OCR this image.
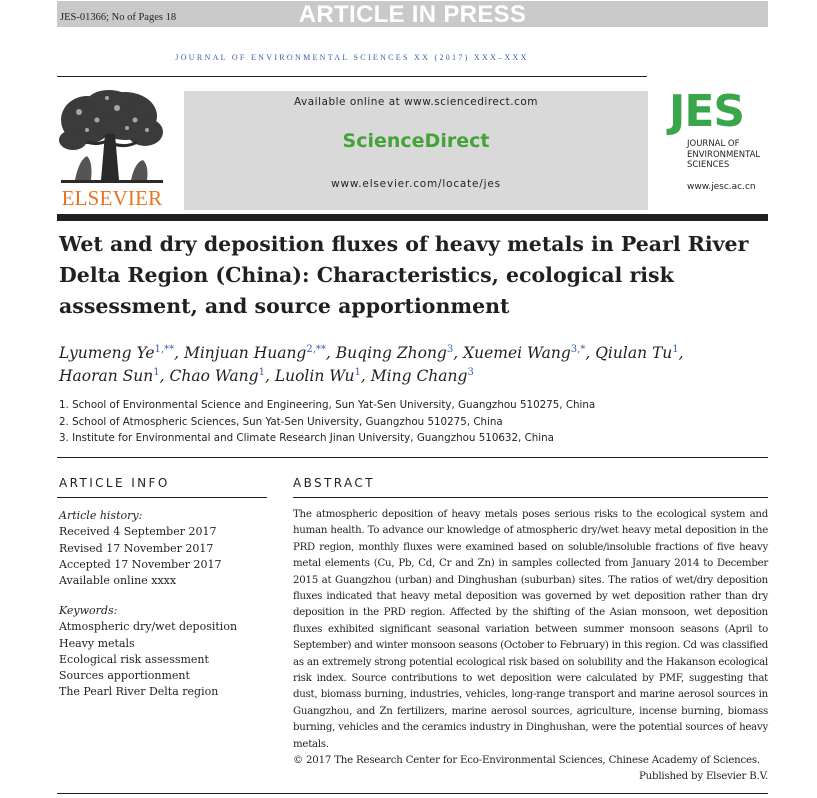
JES-01366; No of Pages 18	ARTICLE IN PRESS
JOURNAL OF ENVIRONMENTAL SCIENCES XX (2017) XXX–XXX
ELSEVIER
Available online at www.sciencedirect.com
ScienceDirect
www.elsevier.com/locate/jes
JES
JOURNAL OF
ENVIRONMENTAL
SCIENCES
www.jesc.ac.cn
Wet and dry deposition fluxes of heavy metals in Pearl River Delta Region (China): Characteristics, ecological risk assessment, and source apportionment
Lyumeng $Ye^{1,**}$, Minjuan Huang$^{2,**}$, Buqing Zhong$^3$, Xuemei Wang$^{3,*}$, Qiulan Tu$^1$,
Haoran Sun$^1$, Chao Wang$^1$, Luolin Wu$^1$, Ming Chang$^3$
1. School of Environmental Science and Engineering, Sun Yat-Sen University, Guangzhou 510275, China
2. School of Atmospheric Sciences, Sun Yat-Sen University, Guangzhou 510275, China
3. Institute for Environmental and Climate Research Jinan University, Guangzhou 510632, China
ARTICLE INFO
Article history:
Received 4 September 2017
Revised 17 November 2017
Accepted 17 November 2017
Available online xxxx
Keywords:
Atmospheric dry/wet deposition
Heavy metals
Ecological risk assessment
Sources apportionment
The Pearl River Delta region
ABSTRACT

The atmospheric deposition of heavy metals poses serious risks to the ecological system and human health. To advance our knowledge of atmospheric dry/wet heavy metal deposition in the PRD region, monthly fluxes were examined based on soluble/insoluble fractions of five heavy metal elements (Cu, Pb, Cd, Cr and Zn) in samples collected from January 2014 to December 2015 at Guangzhou (urban) and Dinghushan (suburban) sites. The ratios of wet/dry deposition fluxes indicated that heavy metal deposition was governed by wet deposition rather than dry deposition in the PRD region. Affected by the shifting of the Asian monsoon, wet deposition fluxes exhibited significant seasonal variation between summer monsoon seasons (April to September) and winter monsoon seasons (October to February) in this region. Cd was classified as an extremely strong potential ecological risk based on solubility and the Hakanson ecological risk index. Source contributions to wet deposition were calculated by PMF, suggesting that dust, biomass burning, industries, vehicles, long-range transport and marine aerosol sources in Guangzhou, and Zn fertilizers, marine aerosol sources, agriculture, incense burning, biomass burning, vehicles and the ceramics industry in Dinghushan, were the potential sources of heavy metals.

© 2017 The Research Center for Eco-Environmental Sciences, Chinese Academy of Sciences.
Published by Elsevier B.V.
